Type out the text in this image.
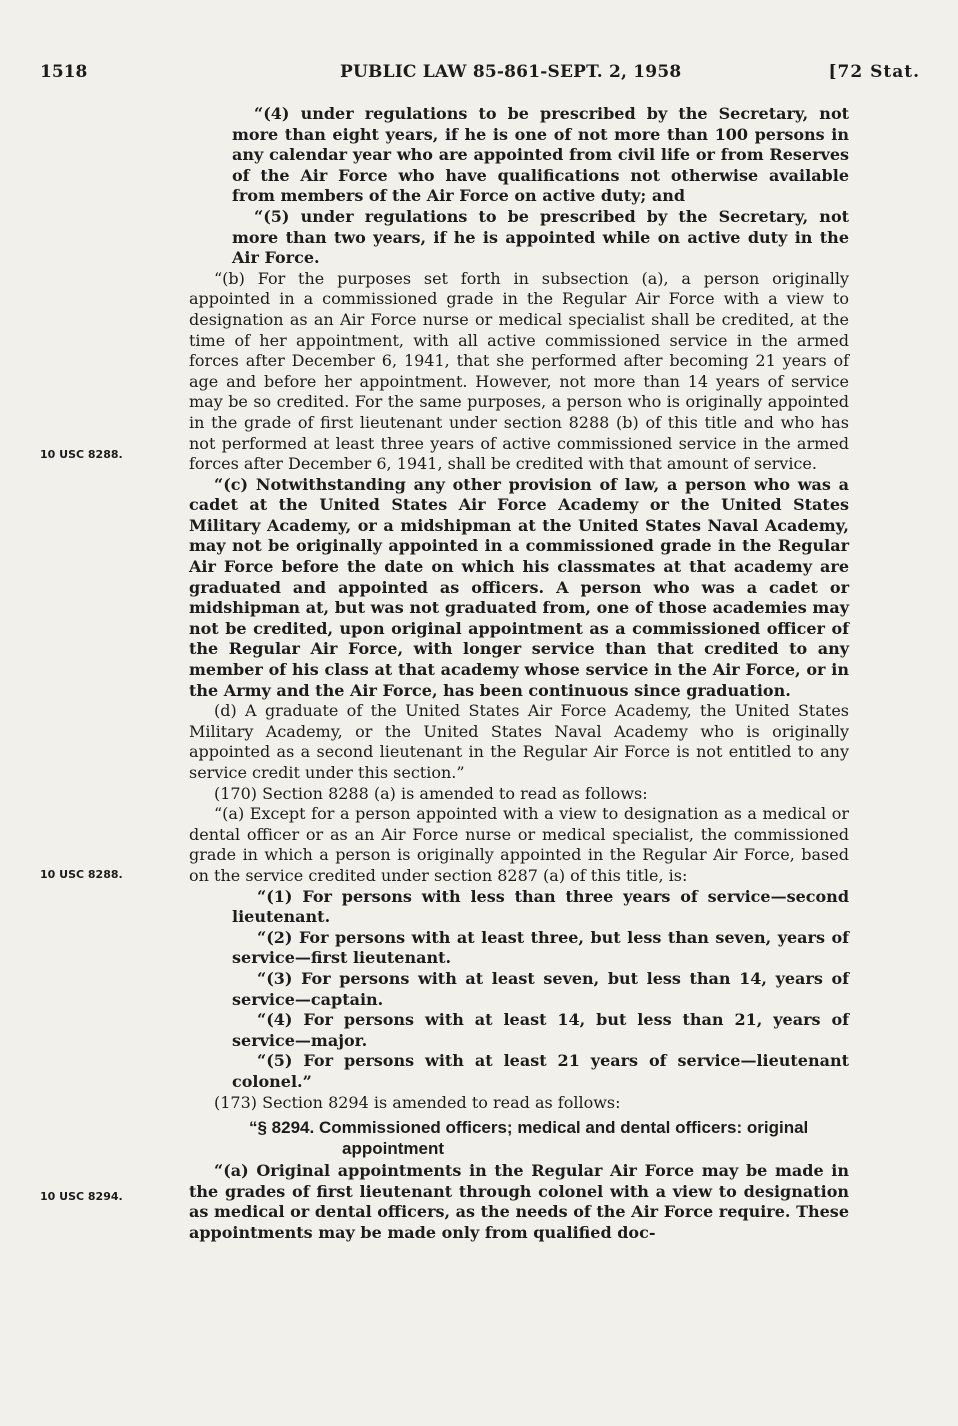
1518	PUBLIC LAW 85-861-SEPT. 2, 1958	[72 Stat.
10 USC 8288.
10 USC 8288.
10 USC 8294.

“(4) under regulations to be prescribed by the Secretary, not more than eight years, if he is one of not more than 100 persons in any calendar year who are appointed from civil life or from Reserves of the Air Force who have qualifications not otherwise available from members of the Air Force on active duty; and

“(5) under regulations to be prescribed by the Secretary, not more than two years, if he is appointed while on active duty in the Air Force.

“(b) For the purposes set forth in subsection (a), a person originally appointed in a commissioned grade in the Regular Air Force with a view to designation as an Air Force nurse or medical specialist shall be credited, at the time of her appointment, with all active commissioned service in the armed forces after December 6, 1941, that she performed after becoming 21 years of age and before her appointment. However, not more than 14 years of service may be so credited. For the same purposes, a person who is originally appointed in the grade of first lieutenant under section 8288 (b) of this title and who has not performed at least three years of active commissioned service in the armed forces after December 6, 1941, shall be credited with that amount of service.

“(c) Notwithstanding any other provision of law, a person who was a cadet at the United States Air Force Academy or the United States Military Academy, or a midshipman at the United States Naval Academy, may not be originally appointed in a commissioned grade in the Regular Air Force before the date on which his classmates at that academy are graduated and appointed as officers. A person who was a cadet or midshipman at, but was not graduated from, one of those academies may not be credited, upon original appointment as a commissioned officer of the Regular Air Force, with longer service than that credited to any member of his class at that academy whose service in the Air Force, or in the Army and the Air Force, has been continuous since graduation.

(d) A graduate of the United States Air Force Academy, the United States Military Academy, or the United States Naval Academy who is originally appointed as a second lieutenant in the Regular Air Force is not entitled to any service credit under this section.”

(170) Section 8288 (a) is amended to read as follows:

“(a) Except for a person appointed with a view to designation as a medical or dental officer or as an Air Force nurse or medical specialist, the commissioned grade in which a person is originally appointed in the Regular Air Force, based on the service credited under section 8287 (a) of this title, is:

“(1) For persons with less than three years of service—second lieutenant.

“(2) For persons with at least three, but less than seven, years of service—first lieutenant.

“(3) For persons with at least seven, but less than 14, years of service—captain.

“(4) For persons with at least 14, but less than 21, years of service—major.

“(5) For persons with at least 21 years of service—lieutenant colonel.”

(173) Section 8294 is amended to read as follows:

“§ 8294. Commissioned officers; medical and dental officers: original appointment

“(a) Original appointments in the Regular Air Force may be made in the grades of first lieutenant through colonel with a view to designation as medical or dental officers, as the needs of the Air Force require. These appointments may be made only from qualified doc-
